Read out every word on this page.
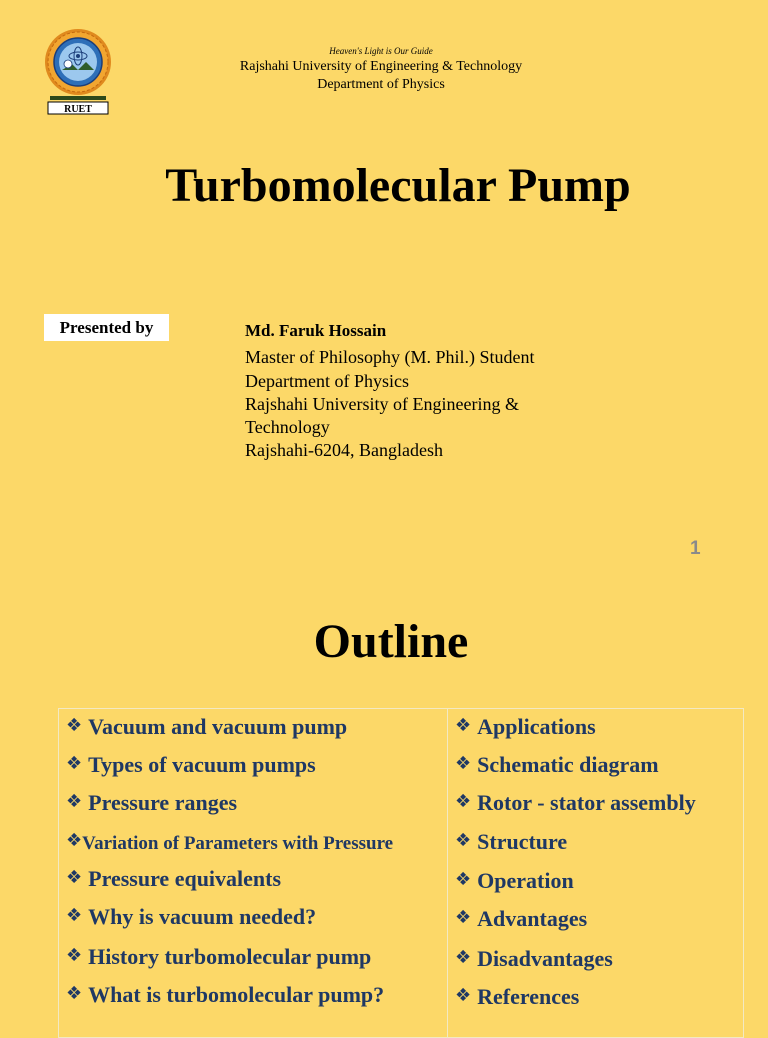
RUET
Heaven's Light is Our Guide
Rajshahi University of Engineering & Technology
Department of Physics
Turbomolecular Pump
Presented by	Md. Faruk Hossain
Master of Philosophy (M. Phil.) Student
Department of Physics
Rajshahi University of Engineering &
Technology
Rajshahi-6204, Bangladesh
1
Outline
❖ Vacuum and vacuum pump
❖ Types of vacuum pumps
❖ Pressure ranges
❖Variation of Parameters with Pressure
❖ Pressure equivalents
❖ Why is vacuum needed?
❖ History turbomolecular pump
❖ What is turbomolecular pump?
❖ Applications
❖ Schematic diagram
❖ Rotor - stator assembly
❖ Structure
❖ Operation
❖ Advantages
❖ Disadvantages
❖ References
